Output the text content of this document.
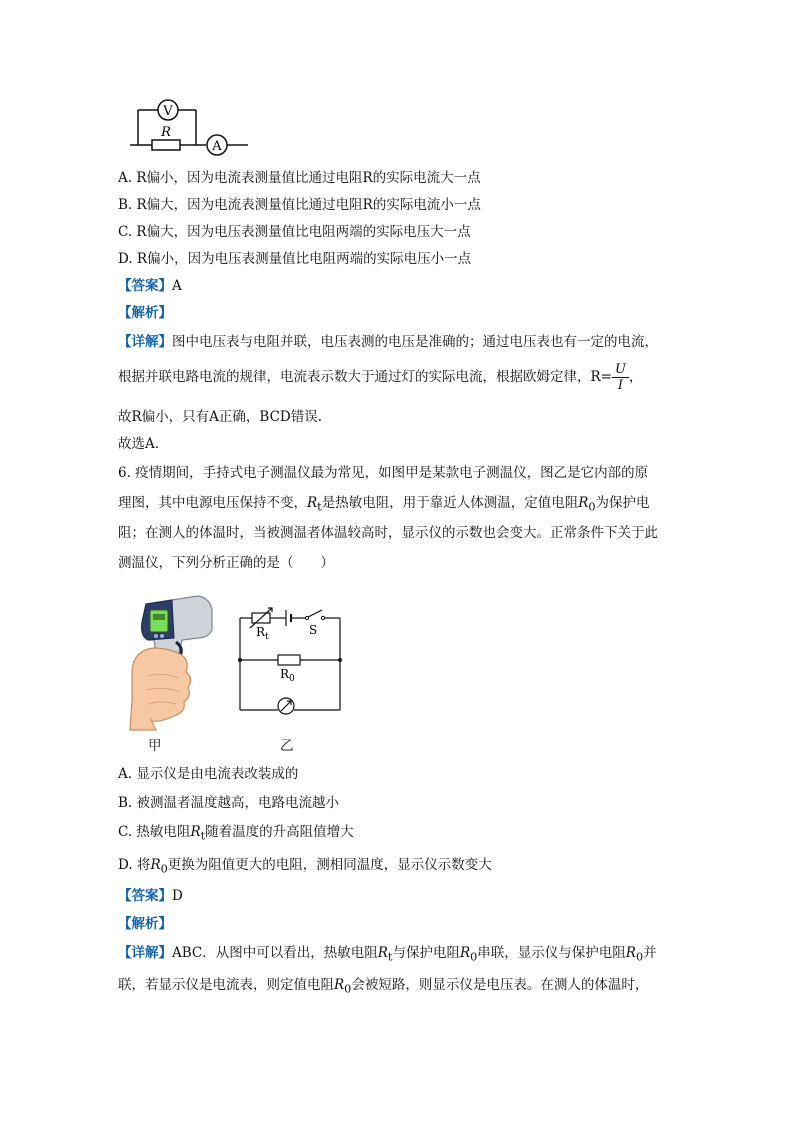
V
R
A
A. R偏小，因为电流表测量值比通过电阻R的实际电流大一点
B. R偏大，因为电流表测量值比通过电阻R的实际电流小一点
C. R偏大，因为电压表测量值比电阻两端的实际电压大一点
D. R偏小，因为电压表测量值比电阻两端的实际电压小一点
【答案】A
【解析】
【详解】图中电压表与电阻并联，电压表测的电压是准确的；通过电压表也有一定的电流，
根据并联电路电流的规律，电流表示数大于通过灯的实际电流，根据欧姆定律，$R= \frac{U}{I}$ ，
故R偏小，只有A正确，BCD错误.
故选A.
6. 疫情期间，手持式电子测温仪最为常见，如图甲是某款电子测温仪，图乙是它内部的原
理图，其中电源电压保持不变，$R_t$是热敏电阻，用于靠近人体测温，定值电阻$R_0$为保护电
阻；在测人的体温时，当被测温者体温较高时，显示仪的示数也会变大。正常条件下关于此
测温仪，下列分析正确的是（　　）
$R_t$	S
$R_0$
甲	乙
A. 显示仪是由电流表改装成的
B. 被测温者温度越高，电路电流越小
C. 热敏电阻$R_t$随着温度的升高阻值增大
D. 将$R_0$更换为阻值更大的电阻，测相同温度，显示仪示数变大
【答案】D
【解析】
【详解】ABC．从图中可以看出，热敏电阻$R_t$与保护电阻$R_0$串联，显示仪与保护电阻$R_0$并
联，若显示仪是电流表，则定值电阻$R_0$会被短路，则显示仪是电压表。在测人的体温时，
